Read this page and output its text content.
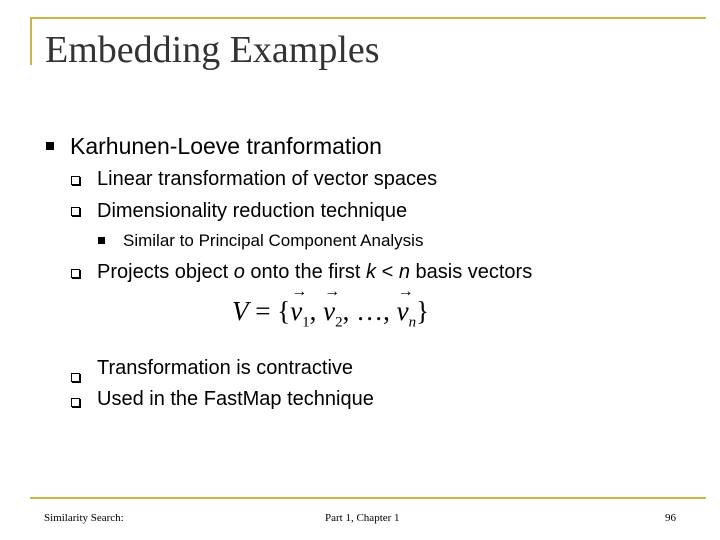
Embedding Examples
Karhunen-Loeve tranformation
Linear transformation of vector spaces
Dimensionality reduction technique
Similar to Principal Component Analysis
Projects object o onto the first k < n basis vectors
V = {
→
$v_1$,
→
$v_2$, …,
→
$v_n$}
Transformation is contractive
Used in the FastMap technique
Similarity Search:	Part 1, Chapter 1	96
